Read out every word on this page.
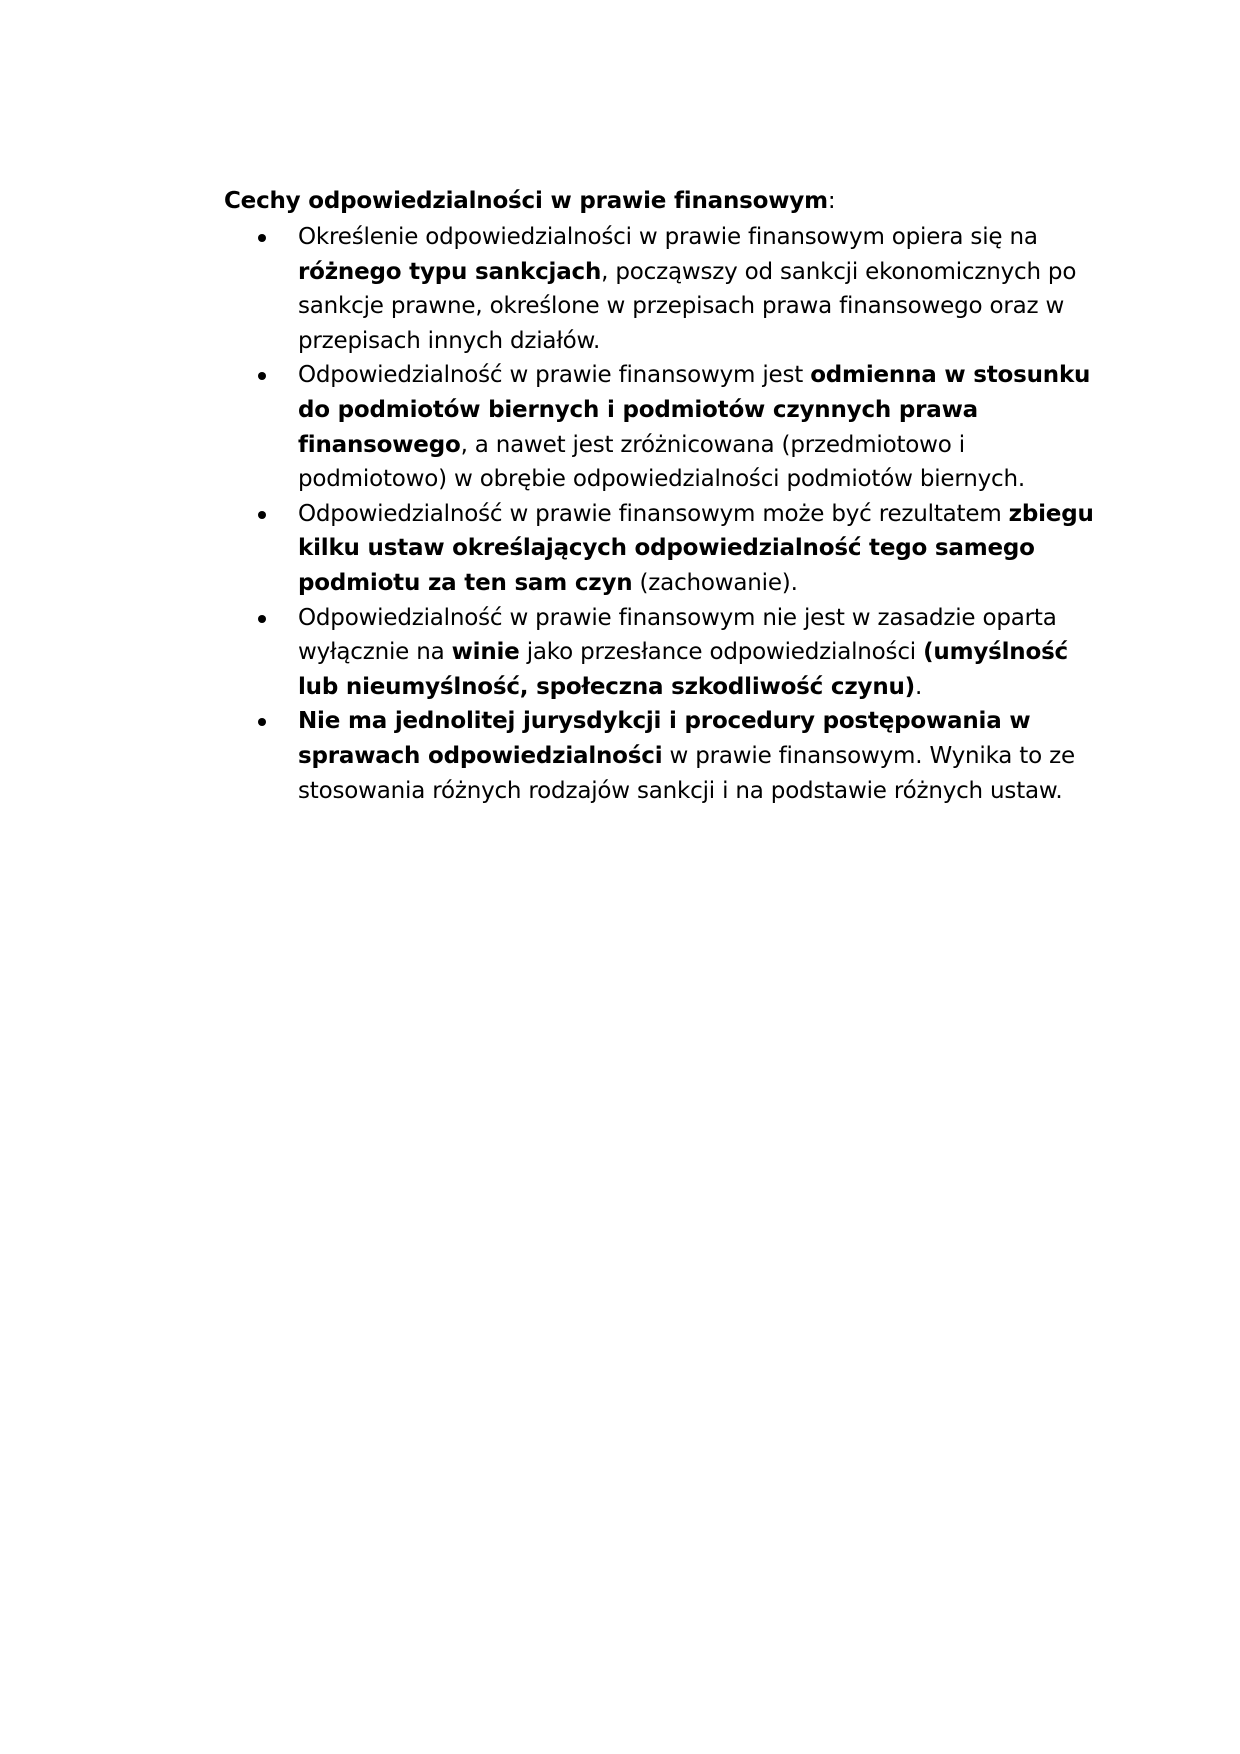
Cechy odpowiedzialności w prawie finansowym:

Określenie odpowiedzialności w prawie finansowym opiera się na różnego typu sankcjach, począwszy od sankcji ekonomicznych po sankcje prawne, określone w przepisach prawa finansowego oraz w przepisach innych działów.
Odpowiedzialność w prawie finansowym jest odmienna w stosunku do podmiotów biernych i podmiotów czynnych prawa finansowego, a nawet jest zróżnicowana (przedmiotowo i podmiotowo) w obrębie odpowiedzialności podmiotów biernych.
Odpowiedzialność w prawie finansowym może być rezultatem zbiegu kilku ustaw określających odpowiedzialność tego samego podmiotu za ten sam czyn (zachowanie).
Odpowiedzialność w prawie finansowym nie jest w zasadzie oparta wyłącznie na winie jako przesłance odpowiedzialności (umyślność lub nieumyślność, społeczna szkodliwość czynu).
Nie ma jednolitej jurysdykcji i procedury postępowania w sprawach odpowiedzialności w prawie finansowym. Wynika to ze stosowania różnych rodzajów sankcji i na podstawie różnych ustaw.
